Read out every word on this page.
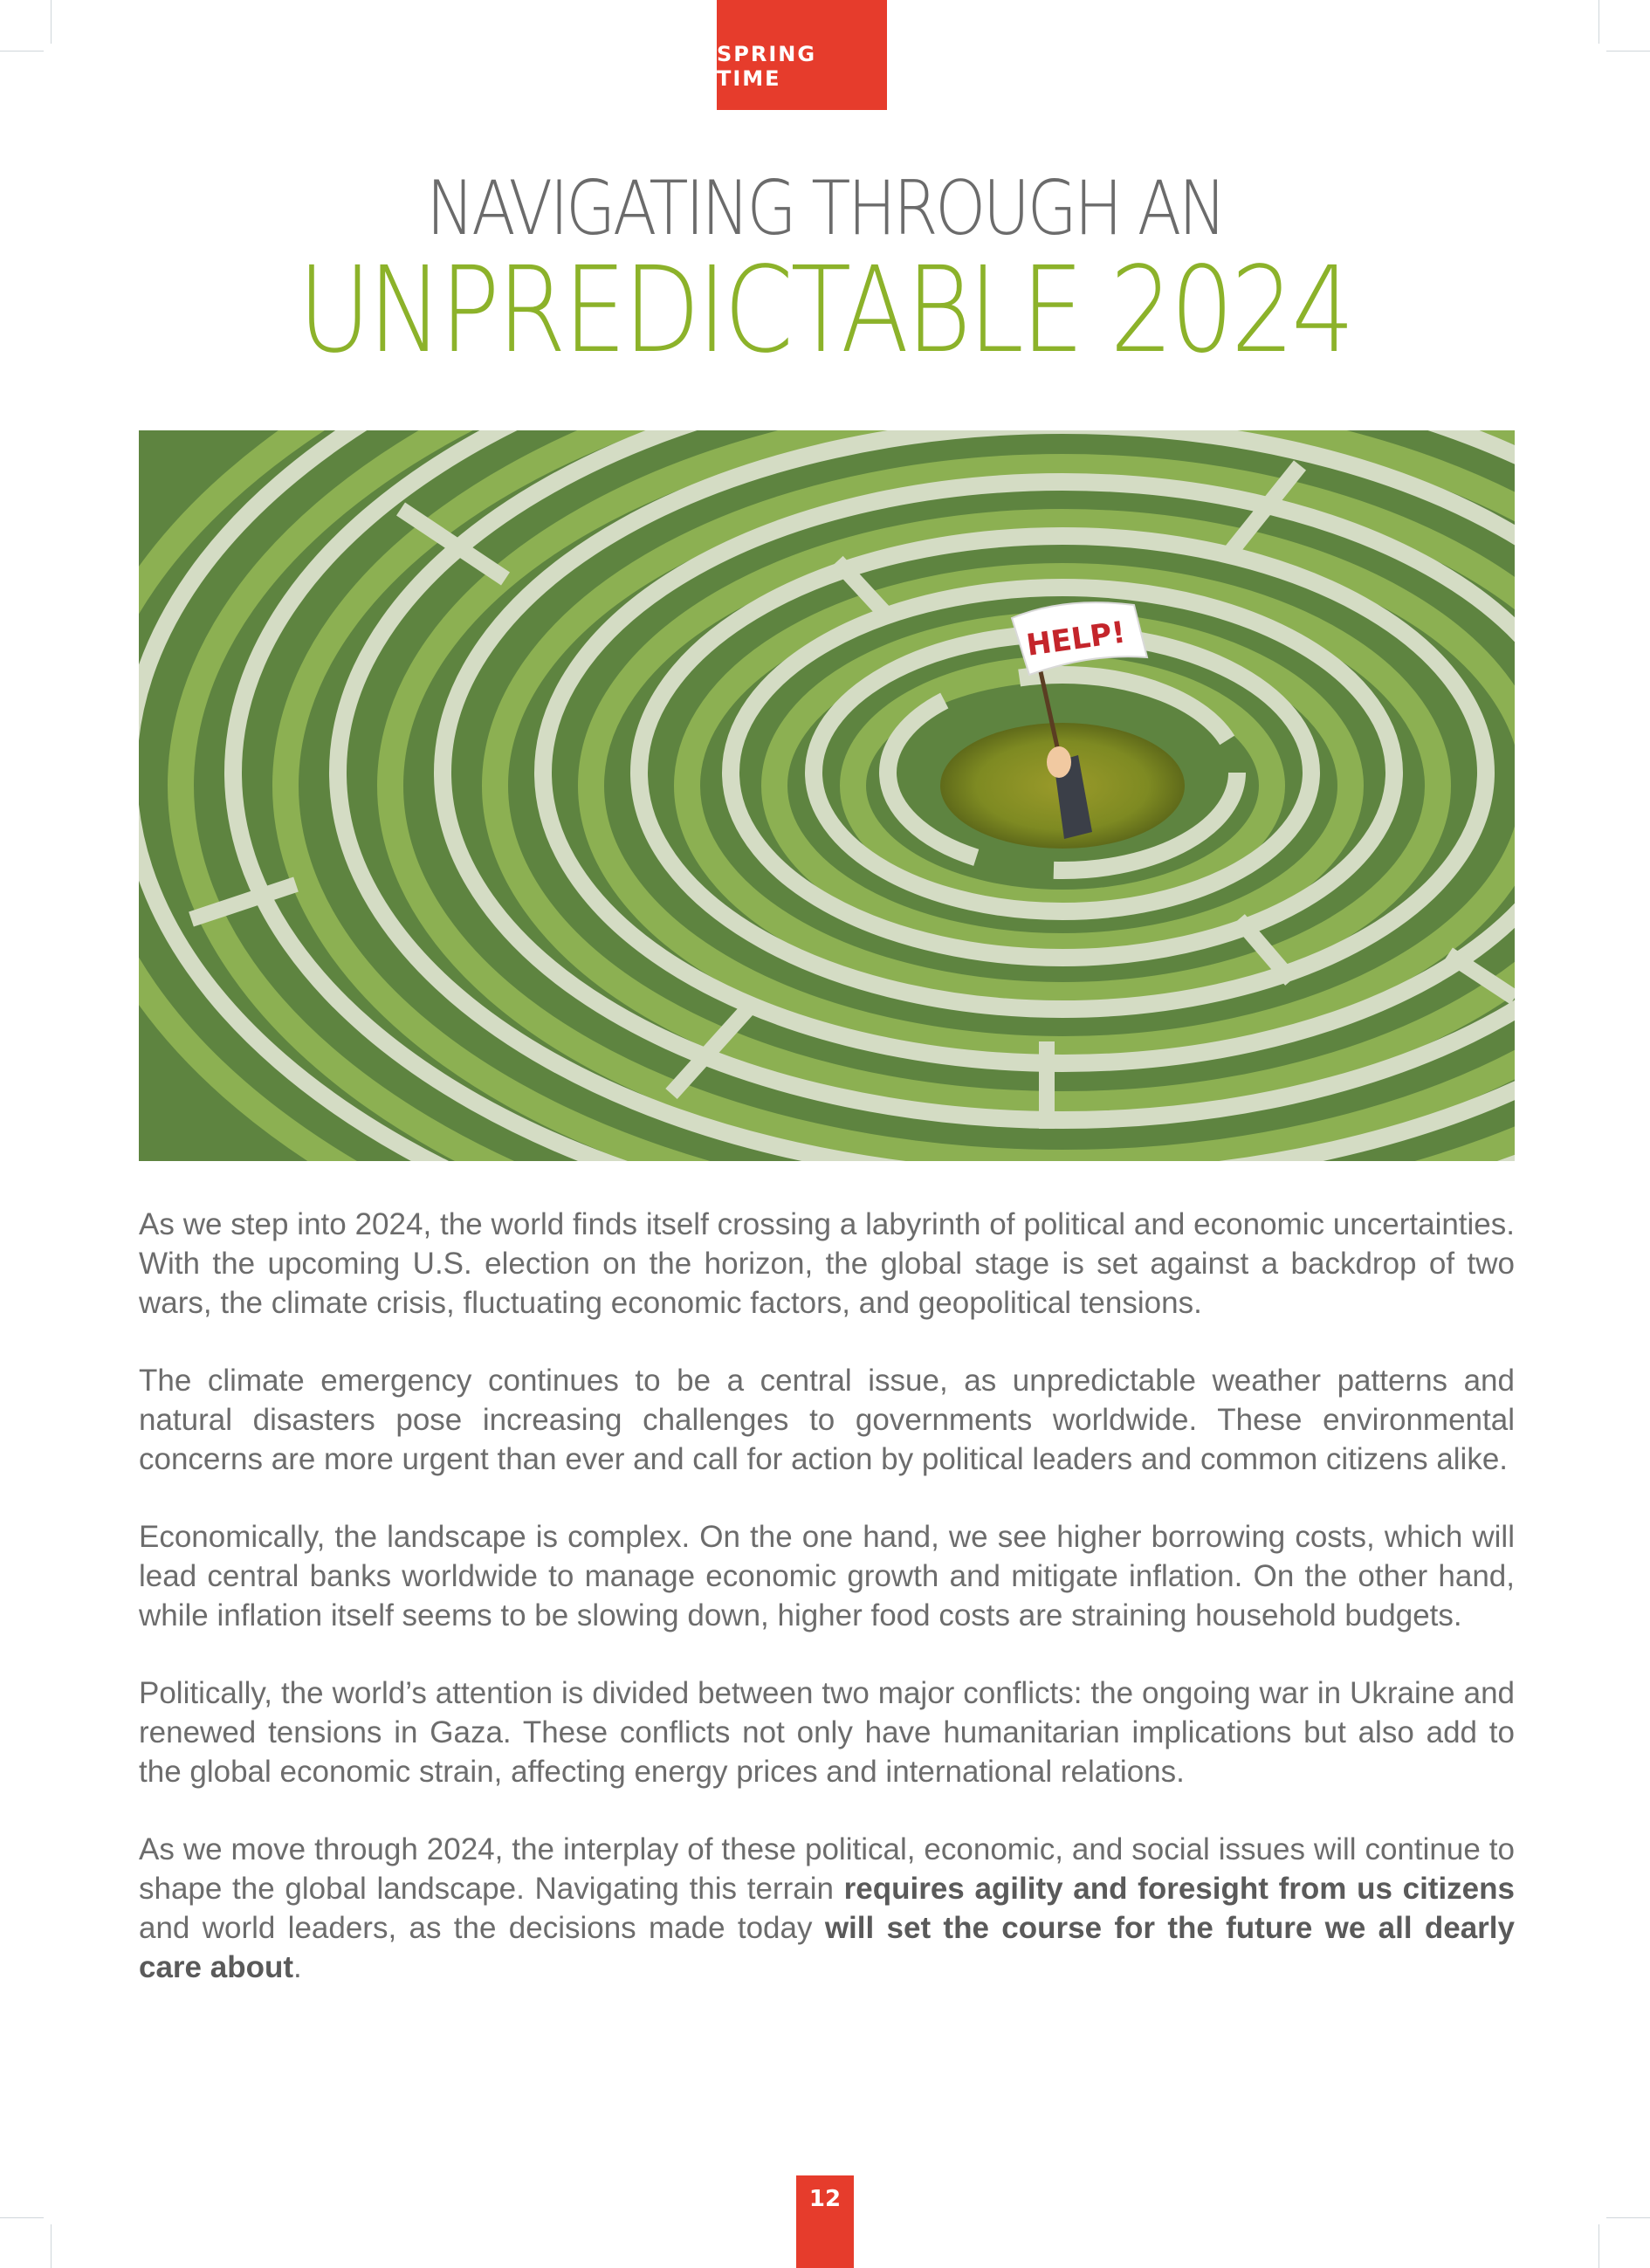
SPRING TIME
NAVIGATING THROUGH AN
UNPREDICTABLE 2024
HELP!

As we step into 2024, the world finds itself crossing a labyrinth of political and economic uncertainties. With the upcoming U.S. election on the horizon, the global stage is set against a backdrop of two wars, the climate crisis, fluctuating economic factors, and geopolitical tensions.

The climate emergency continues to be a central issue, as unpredictable weather patterns and natural disasters pose increasing challenges to governments worldwide. These environmental concerns are more urgent than ever and call for action by political leaders and common citizens alike.

Economically, the landscape is complex. On the one hand, we see higher borrowing costs, which will lead central banks worldwide to manage economic growth and mitigate inflation. On the other hand, while inflation itself seems to be slowing down, higher food costs are straining household budgets.

Politically, the world’s attention is divided between two major conflicts: the ongoing war in Ukraine and renewed tensions in Gaza. These conflicts not only have humanitarian implications but also add to the global economic strain, affecting energy prices and international relations.

As we move through 2024, the interplay of these political, economic, and social issues will continue to shape the global landscape. Navigating this terrain requires agility and foresight from us citizens and world leaders, as the decisions made today will set the course for the future we all dearly care about.

12
